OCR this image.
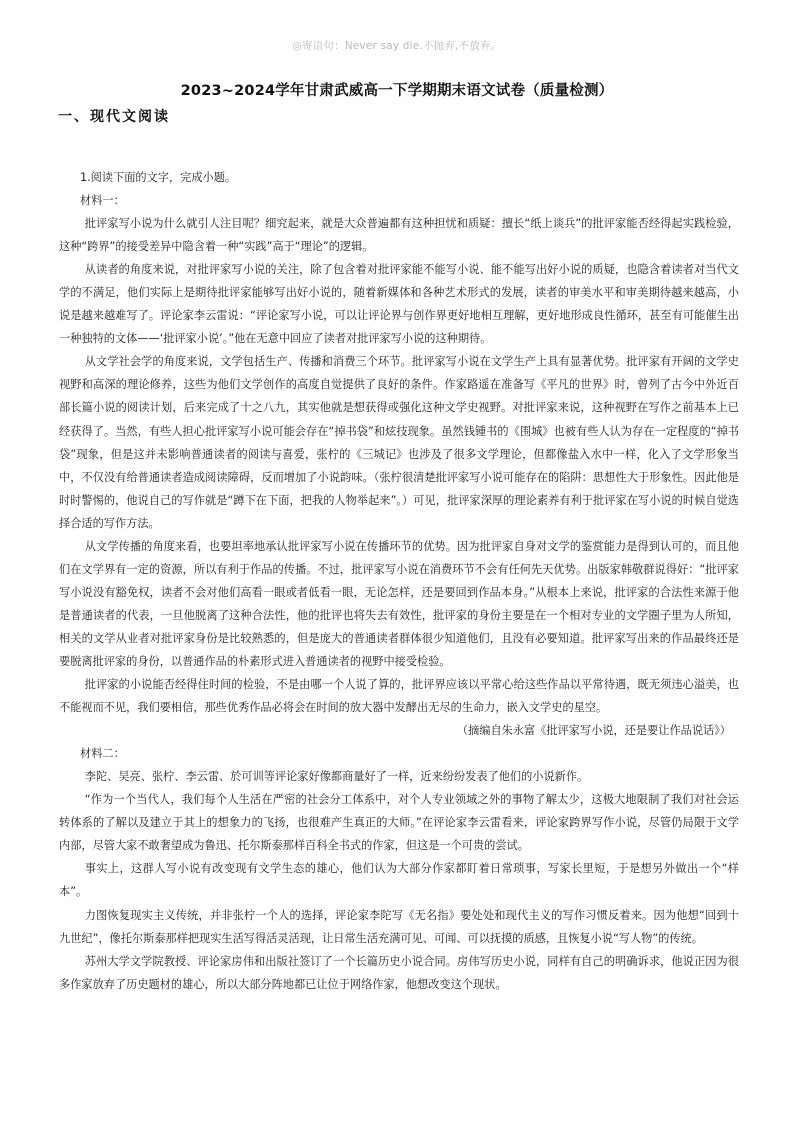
◎寄语句：Never say die.不抛弃,不放弃。
2023~2024学年甘肃武威高一下学期期末语文试卷（质量检测）
一、现代文阅读

1.阅读下面的文字，完成小题。

材料一：

批评家写小说为什么就引人注目呢？细究起来，就是大众普遍都有这种担忧和质疑：擅长“纸上谈兵”的批评家能否经得起实践检验，这种“跨界”的接受差异中隐含着一种“实践”高于“理论”的逻辑。

从读者的角度来说，对批评家写小说的关注，除了包含着对批评家能不能写小说、能不能写出好小说的质疑，也隐含着读者对当代文学的不满足，他们实际上是期待批评家能够写出好小说的，随着新媒体和各种艺术形式的发展，读者的审美水平和审美期待越来越高，小说是越来越难写了。评论家李云雷说：“评论家写小说，可以让评论界与创作界更好地相互理解，更好地形成良性循环，甚至有可能催生出一种独特的文体——‘批评家小说’。”他在无意中回应了读者对批评家写小说的这种期待。

从文学社会学的角度来说，文学包括生产、传播和消费三个环节。批评家写小说在文学生产上具有显著优势。批评家有开阔的文学史视野和高深的理论修养，这些为他们文学创作的高度自觉提供了良好的条件。作家路遥在准备写《平凡的世界》时，曾列了古今中外近百部长篇小说的阅读计划，后来完成了十之八九，其实他就是想获得或强化这种文学史视野。对批评家来说，这种视野在写作之前基本上已经获得了。当然，有些人担心批评家写小说可能会存在“掉书袋”和炫技现象。虽然钱锺书的《围城》也被有些人认为存在一定程度的“掉书袋”现象，但是这并未影响普通读者的阅读与喜爱，张柠的《三城记》也涉及了很多文学理论，但都像盐入水中一样，化入了文学形象当中，不仅没有给普通读者造成阅读障碍，反而增加了小说韵味。（张柠很清楚批评家写小说可能存在的陷阱：思想性大于形象性。因此他是时时警惕的，他说自己的写作就是“蹲下在下面，把我的人物举起来”。）可见，批评家深厚的理论素养有利于批评家在写小说的时候自觉选择合适的写作方法。

从文学传播的角度来看，也要坦率地承认批评家写小说在传播环节的优势。因为批评家自身对文学的鉴赏能力是得到认可的，而且他们在文学界有一定的资源，所以有利于作品的传播。不过，批评家写小说在消费环节不会有任何先天优势。出版家韩敬群说得好：“批评家写小说没有豁免权，读者不会对他们高看一眼或者低看一眼，无论怎样，还是要回到作品本身。”从根本上来说，批评家的合法性来源于他是普通读者的代表，一旦他脱离了这种合法性，他的批评也将失去有效性，批评家的身份主要是在一个相对专业的文学圈子里为人所知，相关的文学从业者对批评家身份是比较熟悉的，但是庞大的普通读者群体很少知道他们，且没有必要知道。批评家写出来的作品最终还是要脱离批评家的身份，以普通作品的朴素形式进入普通读者的视野中接受检验。

批评家的小说能否经得住时间的检验，不是由哪一个人说了算的，批评界应该以平常心给这些作品以平常待遇，既无须违心溢美，也不能视而不见，我们要相信，那些优秀作品必将会在时间的放大器中发酵出无尽的生命力，嵌入文学史的星空。

（摘编自朱永富《批评家写小说，还是要让作品说话》）

材料二：

李陀、吴亮、张柠、李云雷、於可训等评论家好像都商量好了一样，近来纷纷发表了他们的小说新作。

“作为一个当代人，我们每个人生活在严密的社会分工体系中，对个人专业领域之外的事物了解太少，这极大地限制了我们对社会运转体系的了解以及建立于其上的想象力的飞扬，也很难产生真正的大师。”在评论家李云雷看来，评论家跨界写作小说，尽管仍局限于文学内部，尽管大家不敢奢望成为鲁迅、托尔斯泰那样百科全书式的作家，但这是一个可贵的尝试。

事实上，这群人写小说有改变现有文学生态的雄心，他们认为大部分作家都盯着日常琐事，写家长里短，于是想另外做出一个“样本”。

力图恢复现实主义传统，并非张柠一个人的选择，评论家李陀写《无名指》要处处和现代主义的写作习惯反着来。因为他想“回到十九世纪”，像托尔斯泰那样把现实生活写得活灵活现，让日常生活充满可见、可闻、可以抚摸的质感，且恢复小说“写人物”的传统。

苏州大学文学院教授、评论家房伟和出版社签订了一个长篇历史小说合同。房伟写历史小说，同样有自己的明确诉求，他说正因为很多作家放弃了历史题材的雄心，所以大部分阵地都已让位于网络作家，他想改变这个现状。
